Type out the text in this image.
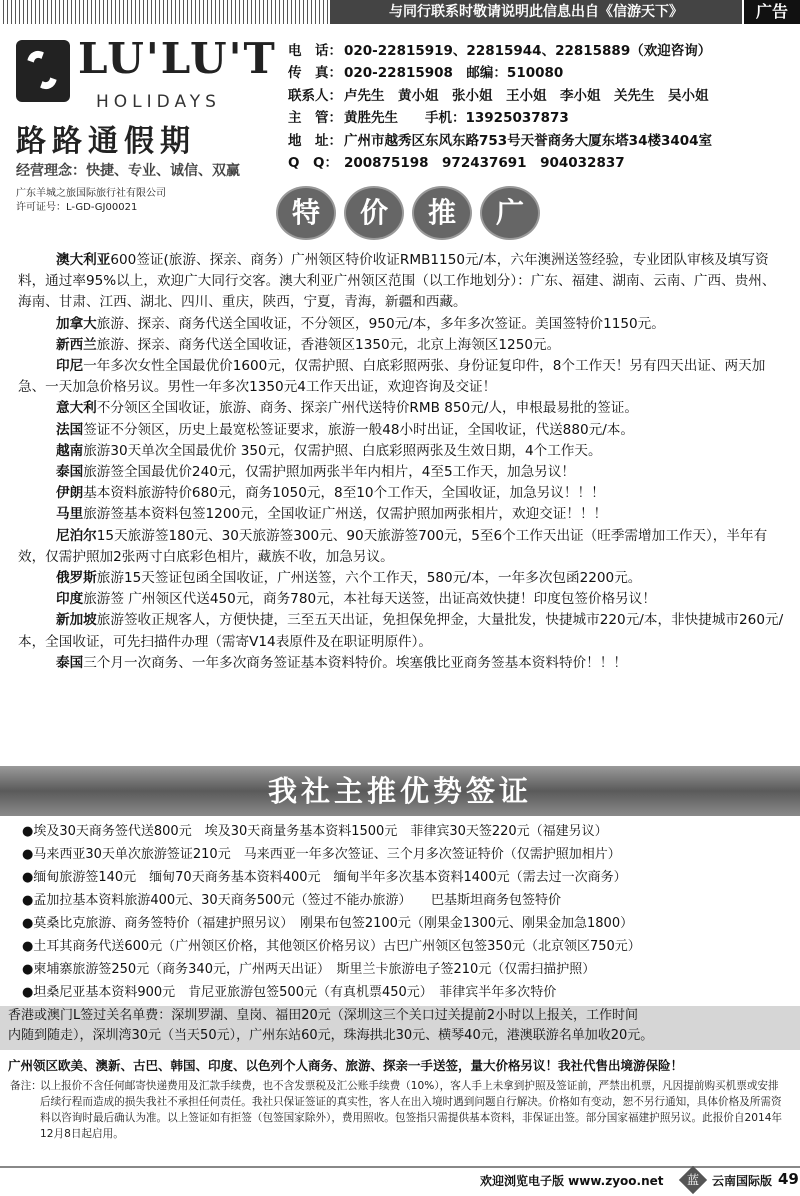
与同行联系时敬请说明此信息出自《信游天下》	广告
LU'LU'T
HOLIDAYS
路路通假期
经营理念：快捷、专业、诚信、双赢
广东羊城之旅国际旅行社有限公司
许可证号：L-GD-GJ00021
电　话： 020-22815919、22815944、22815889（欢迎咨询）
传　真： 020-22815908　邮编：510080
联系人： 卢先生　黄小姐　张小姐　王小姐　李小姐　关先生　吴小姐
主　管： 黄胜先生　　手机：13925037873
地　址： 广州市越秀区东风东路753号天誉商务大厦东塔34楼3404室
Q　Q： 200875198　972437691　904032837
特	价	推	广

澳大利亚600签证(旅游、探亲、商务）广州领区特价收证RMB1150元/本，六年澳洲送签经验，专业团队审核及填写资料，通过率95%以上，欢迎广大同行交客。澳大利亚广州领区范围（以工作地划分）：广东、福建、湖南、云南、广西、贵州、海南、甘肃、江西、湖北、四川、重庆，陕西，宁夏，青海，新疆和西藏。

加拿大旅游、探亲、商务代送全国收证，不分领区，950元/本，多年多次签证。美国签特价1150元。

新西兰旅游、探亲、商务代送全国收证，香港领区1350元，北京上海领区1250元。

印尼一年多次女性全国最优价1600元，仅需护照、白底彩照两张、身份证复印件，8个工作天！另有四天出证、两天加急、一天加急价格另议。男性一年多次1350元4工作天出证，欢迎咨询及交证！

意大利不分领区全国收证，旅游、商务、探亲广州代送特价RMB 850元/人，申根最易批的签证。

法国签证不分领区，历史上最宽松签证要求，旅游一般48小时出证，全国收证，代送880元/本。

越南旅游30天单次全国最优价 350元，仅需护照、白底彩照两张及生效日期，4个工作天。

泰国旅游签全国最优价240元，仅需护照加两张半年内相片，4至5工作天，加急另议！

伊朗基本资料旅游特价680元，商务1050元，8至10个工作天，全国收证，加急另议！！！

马里旅游签基本资料包签1200元，全国收证广州送，仅需护照加两张相片，欢迎交证！！！

尼泊尔15天旅游签180元、30天旅游签300元、90天旅游签700元，5至6个工作天出证（旺季需增加工作天），半年有效，仅需护照加2张两寸白底彩色相片，藏族不收，加急另议。

俄罗斯旅游15天签证包函全国收证，广州送签，六个工作天，580元/本，一年多次包函2200元。

印度旅游签 广州领区代送450元，商务780元，本社每天送签，出证高效快捷！印度包签价格另议！

新加坡旅游签收正规客人，方便快捷，三至五天出证，免担保免押金，大量批发，快捷城市220元/本，非快捷城市260元/本，全国收证，可先扫描件办理（需寄V14表原件及在职证明原件）。

泰国三个月一次商务、一年多次商务签证基本资料特价。埃塞俄比亚商务签基本资料特价！！！

我社主推优势签证
●埃及30天商务签代送800元　埃及30天商量务基本资料1500元　菲律宾30天签220元（福建另议）
●马来西亚30天单次旅游签证210元　马来西亚一年多次签证、三个月多次签证特价（仅需护照加相片）
●缅甸旅游签140元　缅甸70天商务基本资料400元　缅甸半年多次基本资料1400元（需去过一次商务）
●孟加拉基本资料旅游400元、30天商务500元（签过不能办旅游）　　巴基斯坦商务包签特价
●莫桑比克旅游、商务签特价（福建护照另议）　刚果布包签2100元（刚果金1300元、刚果金加急1800）
●土耳其商务代送600元（广州领区价格，其他领区价格另议）古巴广州领区包签350元（北京领区750元）
●柬埔寨旅游签250元（商务340元，广州两天出证）　斯里兰卡旅游电子签210元（仅需扫描护照）
●坦桑尼亚基本资料900元　肯尼亚旅游包签500元（有真机票450元）　菲律宾半年多次特价
香港或澳门L签过关名单费：深圳罗湖、皇岗、福田20元（深圳这三个关口过关提前2小时以上报关，工作时间
内随到随走），深圳湾30元（当天50元），广州东站60元，珠海拱北30元、横琴40元，港澳联游名单加收20元。
广州领区欧美、澳新、古巴、韩国、印度、以色列个人商务、旅游、探亲一手送签，量大价格另议！我社代售出境游保险！
备注：
以上报价不含任何邮寄快递费用及汇款手续费，也不含发票税及汇公账手续费（10%），客人手上未拿到护照及签证前，严禁出机票，凡因提前购买机票或安排后续行程而造成的损失我社不承担任何责任。我社只保证签证的真实性，客人在出入境时遇到问题自行解决。价格如有变动，恕不另行通知，具体价格及所需资料以咨询时最后确认为准。以上签证如有拒签（包签国家除外），费用照收。包签指只需提供基本资料，非保证出签。部分国家福建护照另议。此报价自2014年12月8日起启用。
欢迎浏览电子版 www.zyoo.net	蓝	云南国际版 49
